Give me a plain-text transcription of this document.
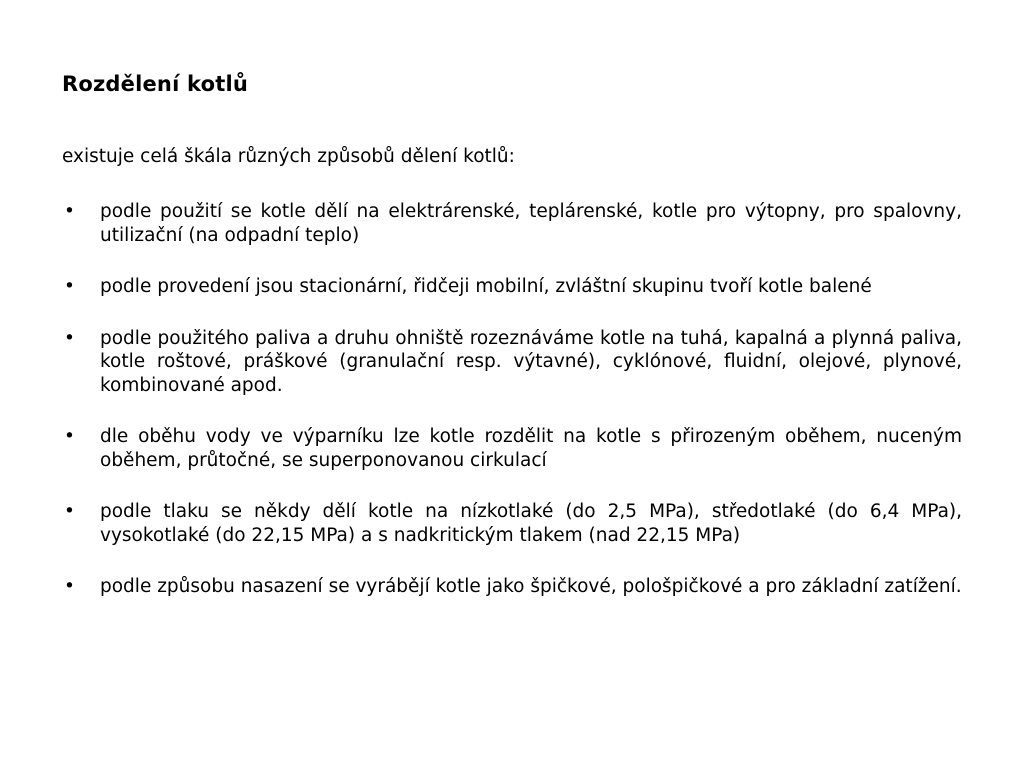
Rozdělení kotlů
existuje celá škála různých způsobů dělení kotlů:
• podle použití se kotle dělí na elektrárenské, teplárenské, kotle pro výtopny, pro spalovny, utilizační (na odpadní teplo)
• podle provedení jsou stacionární, řidčeji mobilní, zvláštní skupinu tvoří kotle balené
• podle použitého paliva a druhu ohniště rozeznáváme kotle na tuhá, kapalná a plynná paliva, kotle roštové, práškové (granulační resp. výtavné), cyklónové, fluidní, olejové, plynové, kombinované apod.
• dle oběhu vody ve výparníku lze kotle rozdělit na kotle s přirozeným oběhem, nuceným oběhem, průtočné, se superponovanou cirkulací
• podle tlaku se někdy dělí kotle na nízkotlaké (do 2,5 MPa), středotlaké (do 6,4 MPa), vysokotlaké (do 22,15 MPa) a s nadkritickým tlakem (nad 22,15 MPa)
• podle způsobu nasazení se vyrábějí kotle jako špičkové, pološpičkové a pro základní zatížení.
